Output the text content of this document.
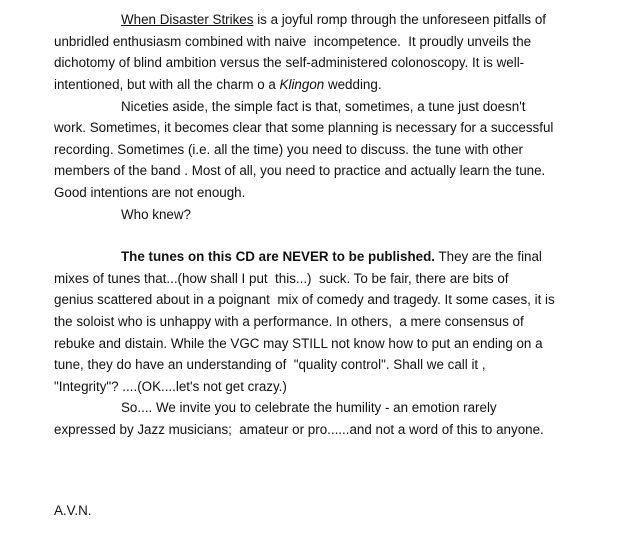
When Disaster Strikes is a joyful romp through the unforeseen pitfalls of
unbridled enthusiasm combined with naive  incompetence.  It proudly unveils the
dichotomy of blind ambition versus the self-administered colonoscopy. It is well-
intentioned, but with all the charm o a Klingon wedding.
Niceties aside, the simple fact is that, sometimes, a tune just doesn't
work. Sometimes, it becomes clear that some planning is necessary for a successful
recording. Sometimes (i.e. all the time) you need to discuss. the tune with other
members of the band . Most of all, you need to practice and actually learn the tune.
Good intentions are not enough.
Who knew?
The tunes on this CD are NEVER to be published. They are the final
mixes of tunes that...(how shall I put  this...)  suck. To be fair, there are bits of
genius scattered about in a poignant  mix of comedy and tragedy. It some cases, it is
the soloist who is unhappy with a performance. In others,  a mere consensus of
rebuke and distain. While the VGC may STILL not know how to put an ending on a
tune, they do have an understanding of  "quality control". Shall we call it ,
"Integrity"? ....(OK....let's not get crazy.)
So.... We invite you to celebrate the humility - an emotion rarely
expressed by Jazz musicians;  amateur or pro......and not a word of this to anyone.
A.V.N.
